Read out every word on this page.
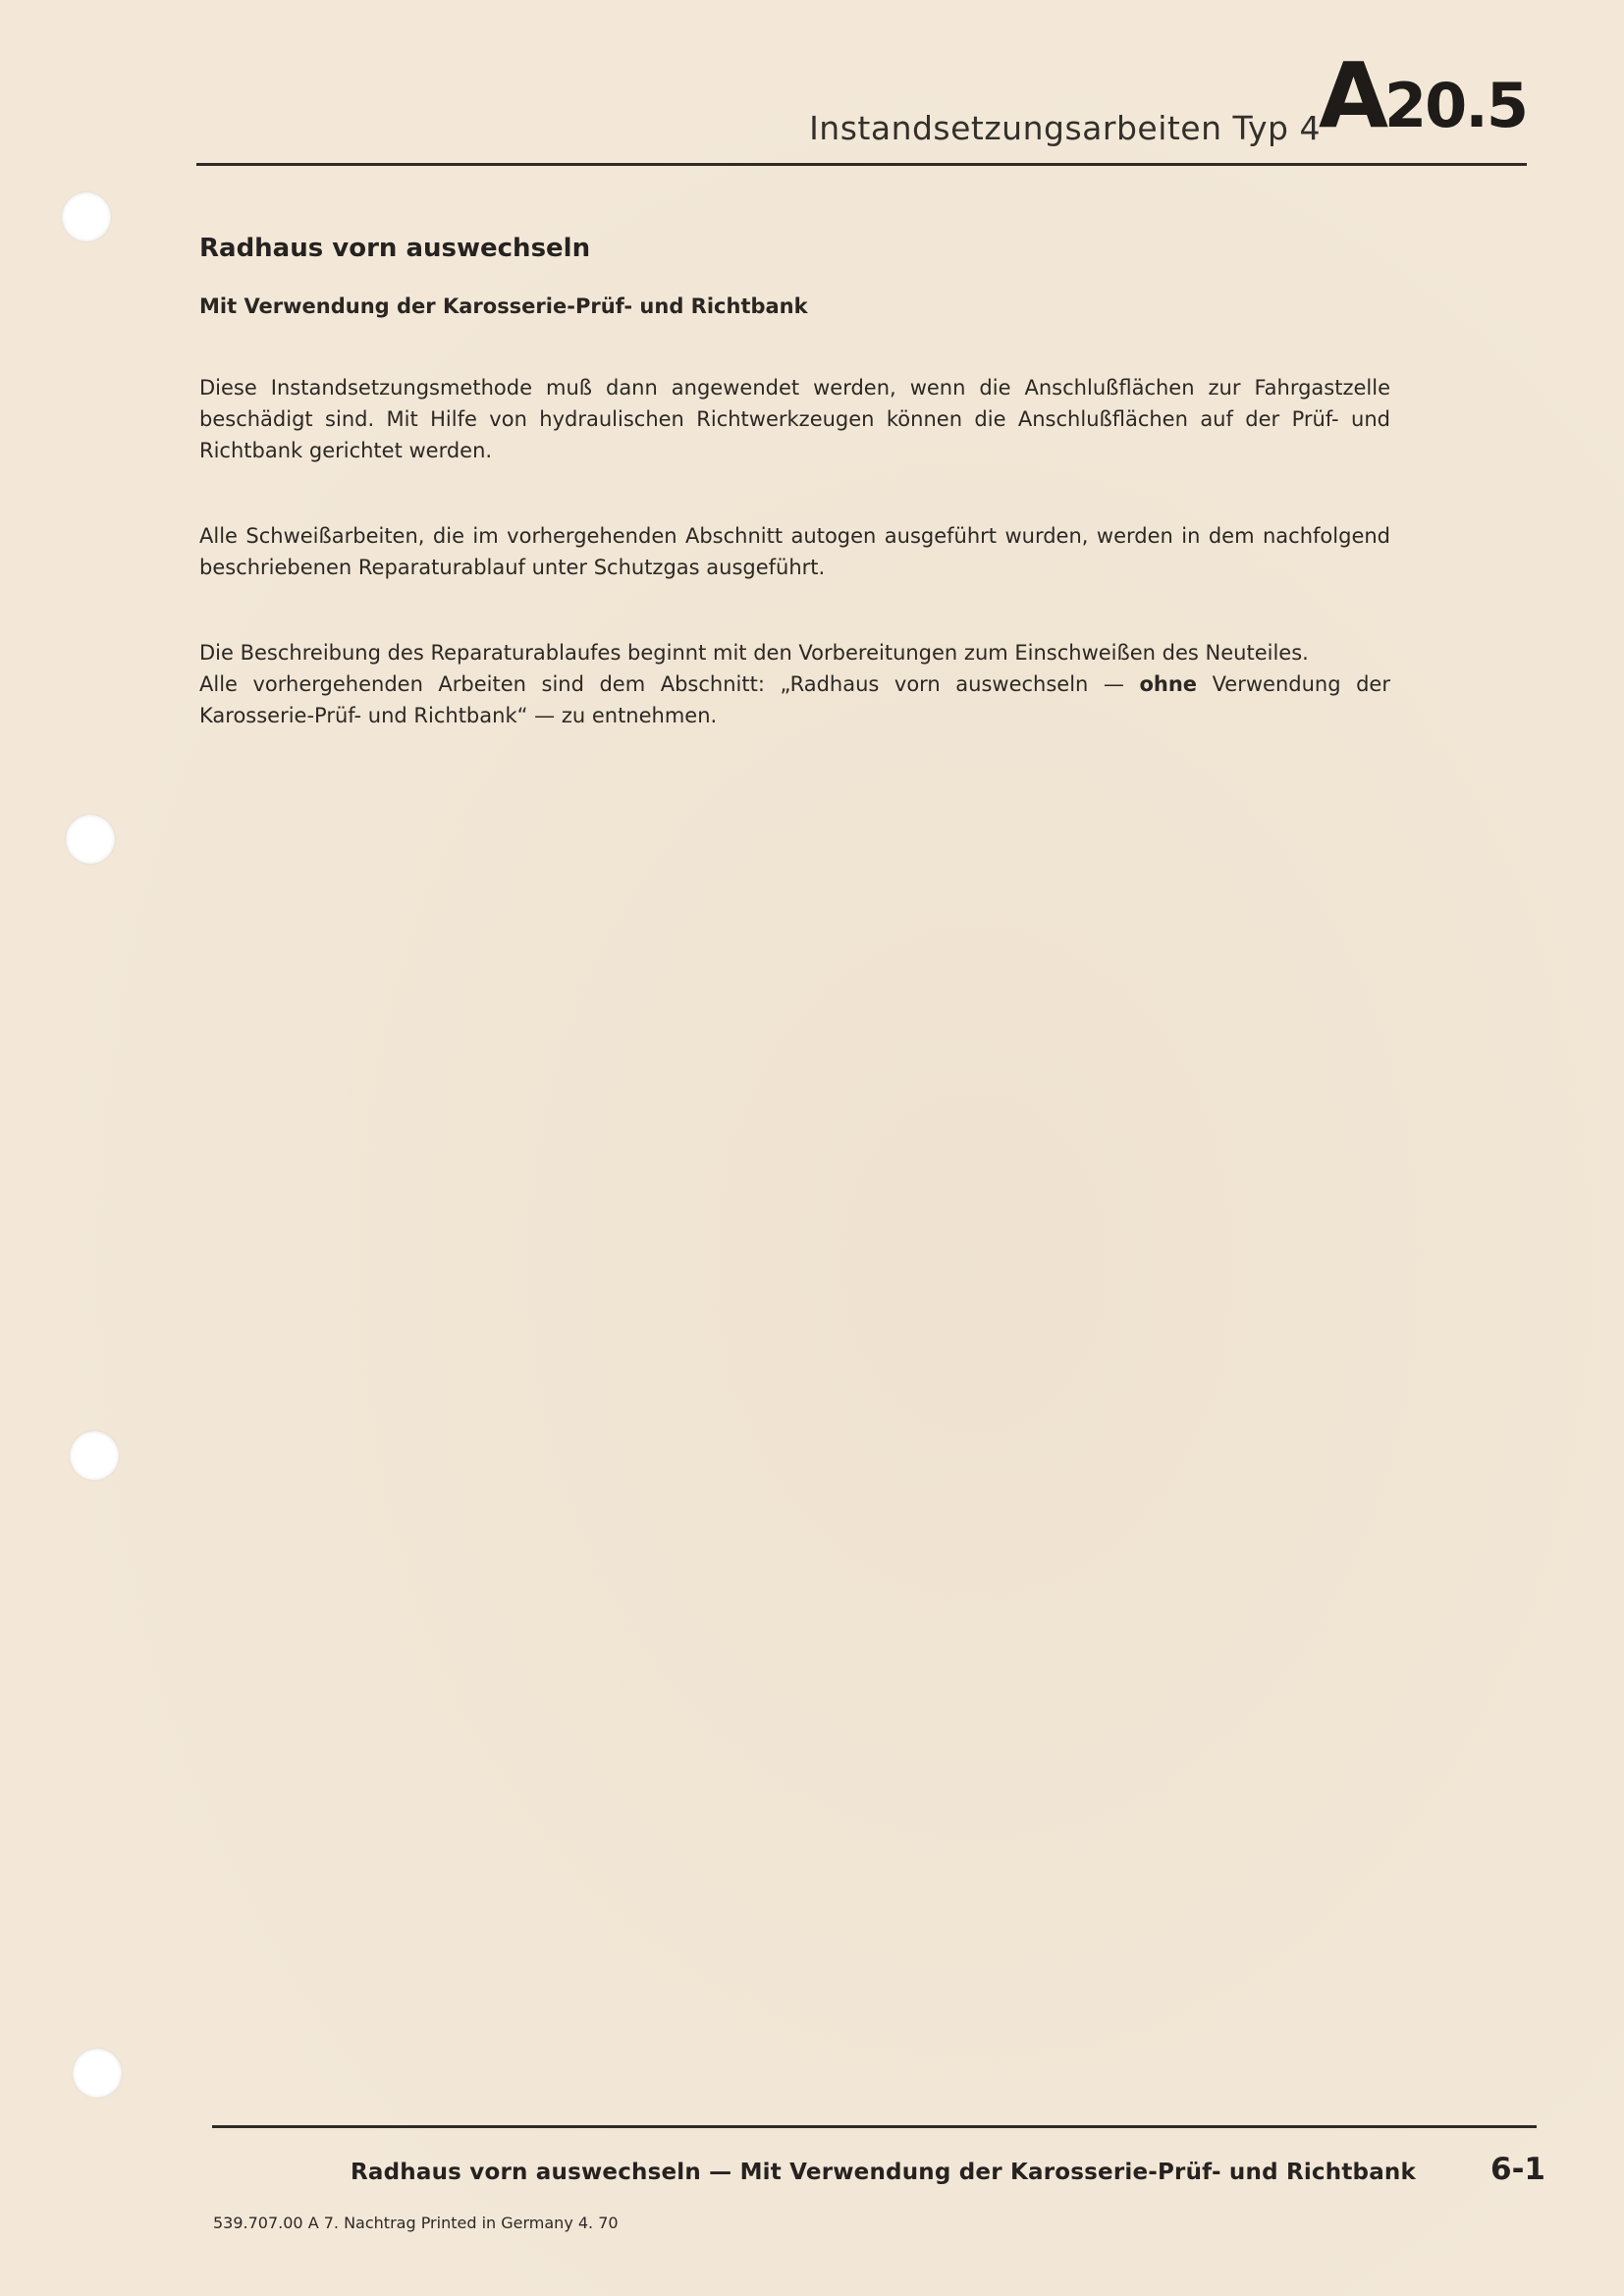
Instandsetzungsarbeiten Typ 4
A20.5
Radhaus vorn auswechseln
Mit Verwendung der Karosserie-Prüf- und Richtbank

Diese Instandsetzungsmethode muß dann angewendet werden, wenn die Anschlußflächen zur Fahrgastzelle beschädigt sind. Mit Hilfe von hydraulischen Richtwerkzeugen können die Anschlußflächen auf der Prüf- und Richtbank gerichtet werden.

Alle Schweißarbeiten, die im vorhergehenden Abschnitt autogen ausgeführt wurden, werden in dem nachfolgend beschriebenen Reparaturablauf unter Schutzgas ausgeführt.

Die Beschreibung des Reparaturablaufes beginnt mit den Vorbereitungen zum Einschweißen des Neuteiles.
Alle vorhergehenden Arbeiten sind dem Abschnitt: „Radhaus vorn auswechseln — ohne Verwendung der Karosserie-Prüf- und Richtbank“ — zu entnehmen.

Radhaus vorn auswechseln — Mit Verwendung der Karosserie-Prüf- und Richtbank 6-1
539.707.00 A 7. Nachtrag Printed in Germany 4. 70
